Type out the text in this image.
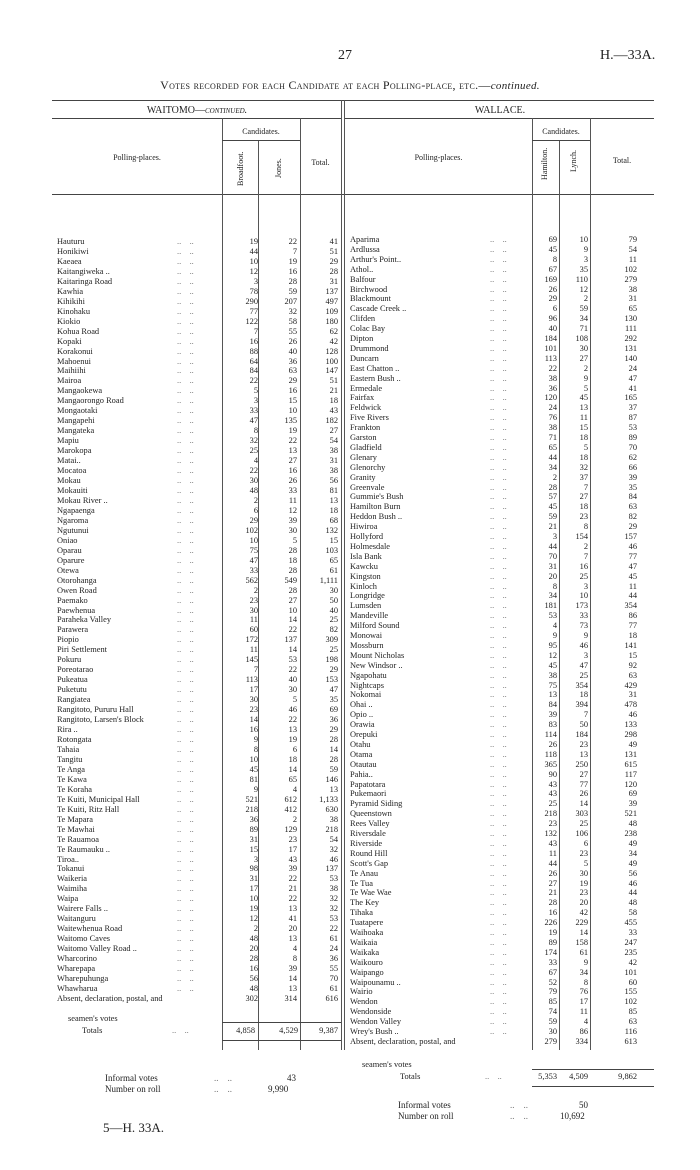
27	H.—33A.
Votes recorded for each Candidate at each Polling-place, etc.—continued.
WAITOMO—continued.
Polling-places.
Candidates.
Broadfoot.	Jones.	Total.
WALLACE.
Polling-places.
Candidates.
Hamilton.	Lynch.	Total.
Hauturu	19	22	41
..    ..
Honikiwi	44	7	51
..    ..
Kaeaea	10	19	29
..    ..
Kaitangiweka ..	12	16	28
..    ..
Kaitaringa Road	3	28	31
..    ..
Kawhia	78	59	137
..    ..
Kihikihi	290	207	497
..    ..
Kinohaku	77	32	109
..    ..
Kiokio	122	58	180
..    ..
Kohua Road	7	55	62
..    ..
Kopaki	16	26	42
..    ..
Korakonui	88	40	128
..    ..
Mahoenui	64	36	100
..    ..
Maihiihi	84	63	147
..    ..
Mairoa	22	29	51
..    ..
Mangaokewa	5	16	21
..    ..
Mangaorongo Road	3	15	18
..    ..
Mongaotaki	33	10	43
..    ..
Mangapehi	47	135	182
..    ..
Mangateka	8	19	27
..    ..
Mapiu	32	22	54
..    ..
Marokopa	25	13	38
..    ..
Matai..	4	27	31
..    ..
Mocatoa	22	16	38
..    ..
Mokau	30	26	56
..    ..
Mokauiti	48	33	81
..    ..
Mokau River ..	2	11	13
..    ..
Ngapaenga	6	12	18
..    ..
Ngaroma	29	39	68
..    ..
Ngutunui	102	30	132
..    ..
Oniao	10	5	15
..    ..
Oparau	75	28	103
..    ..
Oparure	47	18	65
..    ..
Otewa	33	28	61
..    ..
Otorohanga	562	549	1,111
..    ..
Owen Road	2	28	30
..    ..
Paemako	23	27	50
..    ..
Paewhenua	30	10	40
..    ..
Paraheka Valley	11	14	25
..    ..
Parawera	60	22	82
..    ..
Piopio	172	137	309
..    ..
Piri Settlement	11	14	25
..    ..
Pokuru	145	53	198
..    ..
Poreotarao	7	22	29
..    ..
Pukeatua	113	40	153
..    ..
Puketutu	17	30	47
..    ..
Rangiatea	30	5	35
..    ..
Rangitoto, Pururu Hall	23	46	69
..    ..
Rangitoto, Larsen's Block	14	22	36
..    ..
Rira ..	16	13	29
..    ..
Rotongata	9	19	28
..    ..
Tahaia	8	6	14
..    ..
Tangitu	10	18	28
..    ..
Te Anga	45	14	59
..    ..
Te Kawa	81	65	146
..    ..
Te Koraha	9	4	13
..    ..
Te Kuiti, Municipal Hall	521	612	1,133
..    ..
Te Kuiti, Ritz Hall	218	412	630
..    ..
Te Mapara	36	2	38
..    ..
Te Mawhai	89	129	218
..    ..
Te Rauamoa	31	23	54
..    ..
Te Raumauku ..	15	17	32
..    ..
Tiroa..	3	43	46
..    ..
Tokanui	98	39	137
..    ..
Waikeria	31	22	53
..    ..
Waimiha	17	21	38
..    ..
Waipa	10	22	32
..    ..
Wairere Falls ..	19	13	32
..    ..
Waitanguru	12	41	53
..    ..
Waitewhenua Road	2	20	22
..    ..
Waitomo Caves	48	13	61
..    ..
Waitomo Valley Road ..	20	4	24
..    ..
Wharcorino	28	8	36
..    ..
Wharepapa	16	39	55
..    ..
Wharepuhunga	56	14	70
..    ..
Whawharua	48	13	61
..    ..
Absent, declaration, postal, and	302	314	616
Aparima	69	10	79
..    ..
Ardlussa	45	9	54
..    ..
Arthur's Point..	8	3	11
..    ..
Athol..	67	35	102
..    ..
Balfour	169	110	279
..    ..
Birchwood	26	12	38
..    ..
Blackmount	29	2	31
..    ..
Cascade Creek ..	6	59	65
..    ..
Clifden	96	34	130
..    ..
Colac Bay	40	71	111
..    ..
Dipton	184	108	292
..    ..
Drummond	101	30	131
..    ..
Duncarn	113	27	140
..    ..
East Chatton ..	22	2	24
..    ..
Eastern Bush ..	38	9	47
..    ..
Ermedale	36	5	41
..    ..
Fairfax	120	45	165
..    ..
Feldwick	24	13	37
..    ..
Five Rivers	76	11	87
..    ..
Frankton	38	15	53
..    ..
Garston	71	18	89
..    ..
Gladfield	65	5	70
..    ..
Glenary	44	18	62
..    ..
Glenorchy	34	32	66
..    ..
Granity	2	37	39
..    ..
Greenvale	28	7	35
..    ..
Gummie's Bush	57	27	84
..    ..
Hamilton Burn	45	18	63
..    ..
Heddon Bush ..	59	23	82
..    ..
Hiwiroa	21	8	29
..    ..
Hollyford	3	154	157
..    ..
Holmesdale	44	2	46
..    ..
Isla Bank	70	7	77
..    ..
Kawcku	31	16	47
..    ..
Kingston	20	25	45
..    ..
Kinloch	8	3	11
..    ..
Longridge	34	10	44
..    ..
Lumsden	181	173	354
..    ..
Mandeville	53	33	86
..    ..
Milford Sound	4	73	77
..    ..
Monowai	9	9	18
..    ..
Mossburn	95	46	141
..    ..
Mount Nicholas	12	3	15
..    ..
New Windsor ..	45	47	92
..    ..
Ngapohatu	38	25	63
..    ..
Nightcaps	75	354	429
..    ..
Nokomai	13	18	31
..    ..
Ohai ..	84	394	478
..    ..
Opio ..	39	7	46
..    ..
Orawia	83	50	133
..    ..
Orepuki	114	184	298
..    ..
Otahu	26	23	49
..    ..
Otama	118	13	131
..    ..
Otautau	365	250	615
..    ..
Pahia..	90	27	117
..    ..
Papatotara	43	77	120
..    ..
Pukemaori	43	26	69
..    ..
Pyramid Siding	25	14	39
..    ..
Queenstown	218	303	521
..    ..
Rees Valley	23	25	48
..    ..
Riversdale	132	106	238
..    ..
Riverside	43	6	49
..    ..
Round Hill	11	23	34
..    ..
Scott's Gap	44	5	49
..    ..
Te Anau	26	30	56
..    ..
Te Tua	27	19	46
..    ..
Te Wae Wae	21	23	44
..    ..
The Key	28	20	48
..    ..
Tihaka	16	42	58
..    ..
Tuatapere	226	229	455
..    ..
Waihoaka	19	14	33
..    ..
Waikaia	89	158	247
..    ..
Waikaka	174	61	235
..    ..
Waikouro	33	9	42
..    ..
Waipango	67	34	101
..    ..
Waipounamu ..	52	8	60
..    ..
Wairio	79	76	155
..    ..
Wendon	85	17	102
..    ..
Wendonside	74	11	85
..    ..
Wendon Valley	59	4	63
..    ..
Wrey's Bush ..	30	86	116
..    ..
Absent, declaration, postal, and	279	334	613
seamen's votes
Totals	..    ..	4,858	4,529	9,387
seamen's votes
Totals	..    ..	5,353	4,509	9,862
Informal votes	..    ..	43
Number on roll	..    ..	9,990
Informal votes	..    ..	50
Number on roll	..    ..	10,692
5—H. 33A.
